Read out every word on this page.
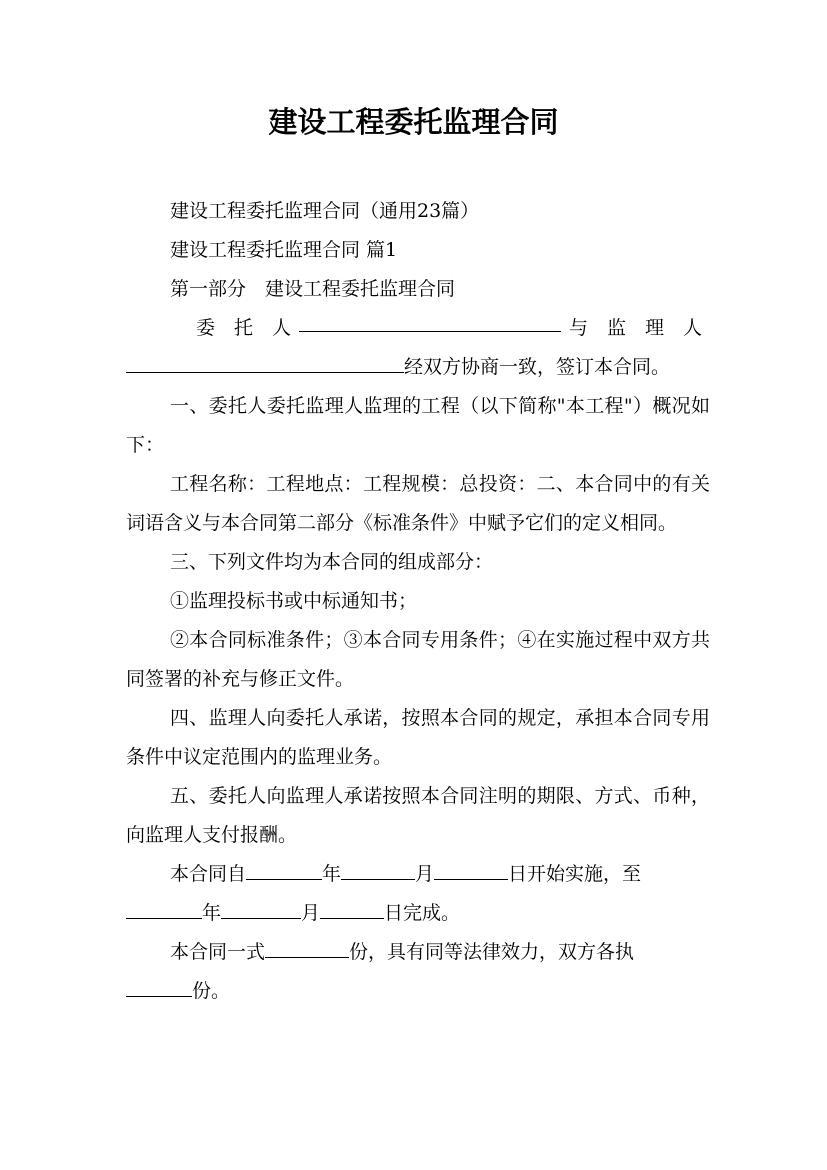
建设工程委托监理合同

建设工程委托监理合同（通用23篇）

建设工程委托监理合同 篇1

第一部分　建设工程委托监理合同

委　托　人	与　监　理　人

经双方协商一致，签订本合同。

一、委托人委托监理人监理的工程（以下简称"本工程"）概况如下：

工程名称：工程地点：工程规模：总投资：二、本合同中的有关词语含义与本合同第二部分《标准条件》中赋予它们的定义相同。

三、下列文件均为本合同的组成部分：

①监理投标书或中标通知书；

②本合同标准条件；③本合同专用条件；④在实施过程中双方共同签署的补充与修正文件。

四、监理人向委托人承诺，按照本合同的规定，承担本合同专用条件中议定范围内的监理业务。

五、委托人向监理人承诺按照本合同注明的期限、方式、币种，向监理人支付报酬。

本合同自	年	月	日开始实施，至

年	月	日完成。

本合同一式	份，具有同等法律效力，双方各执

份。
